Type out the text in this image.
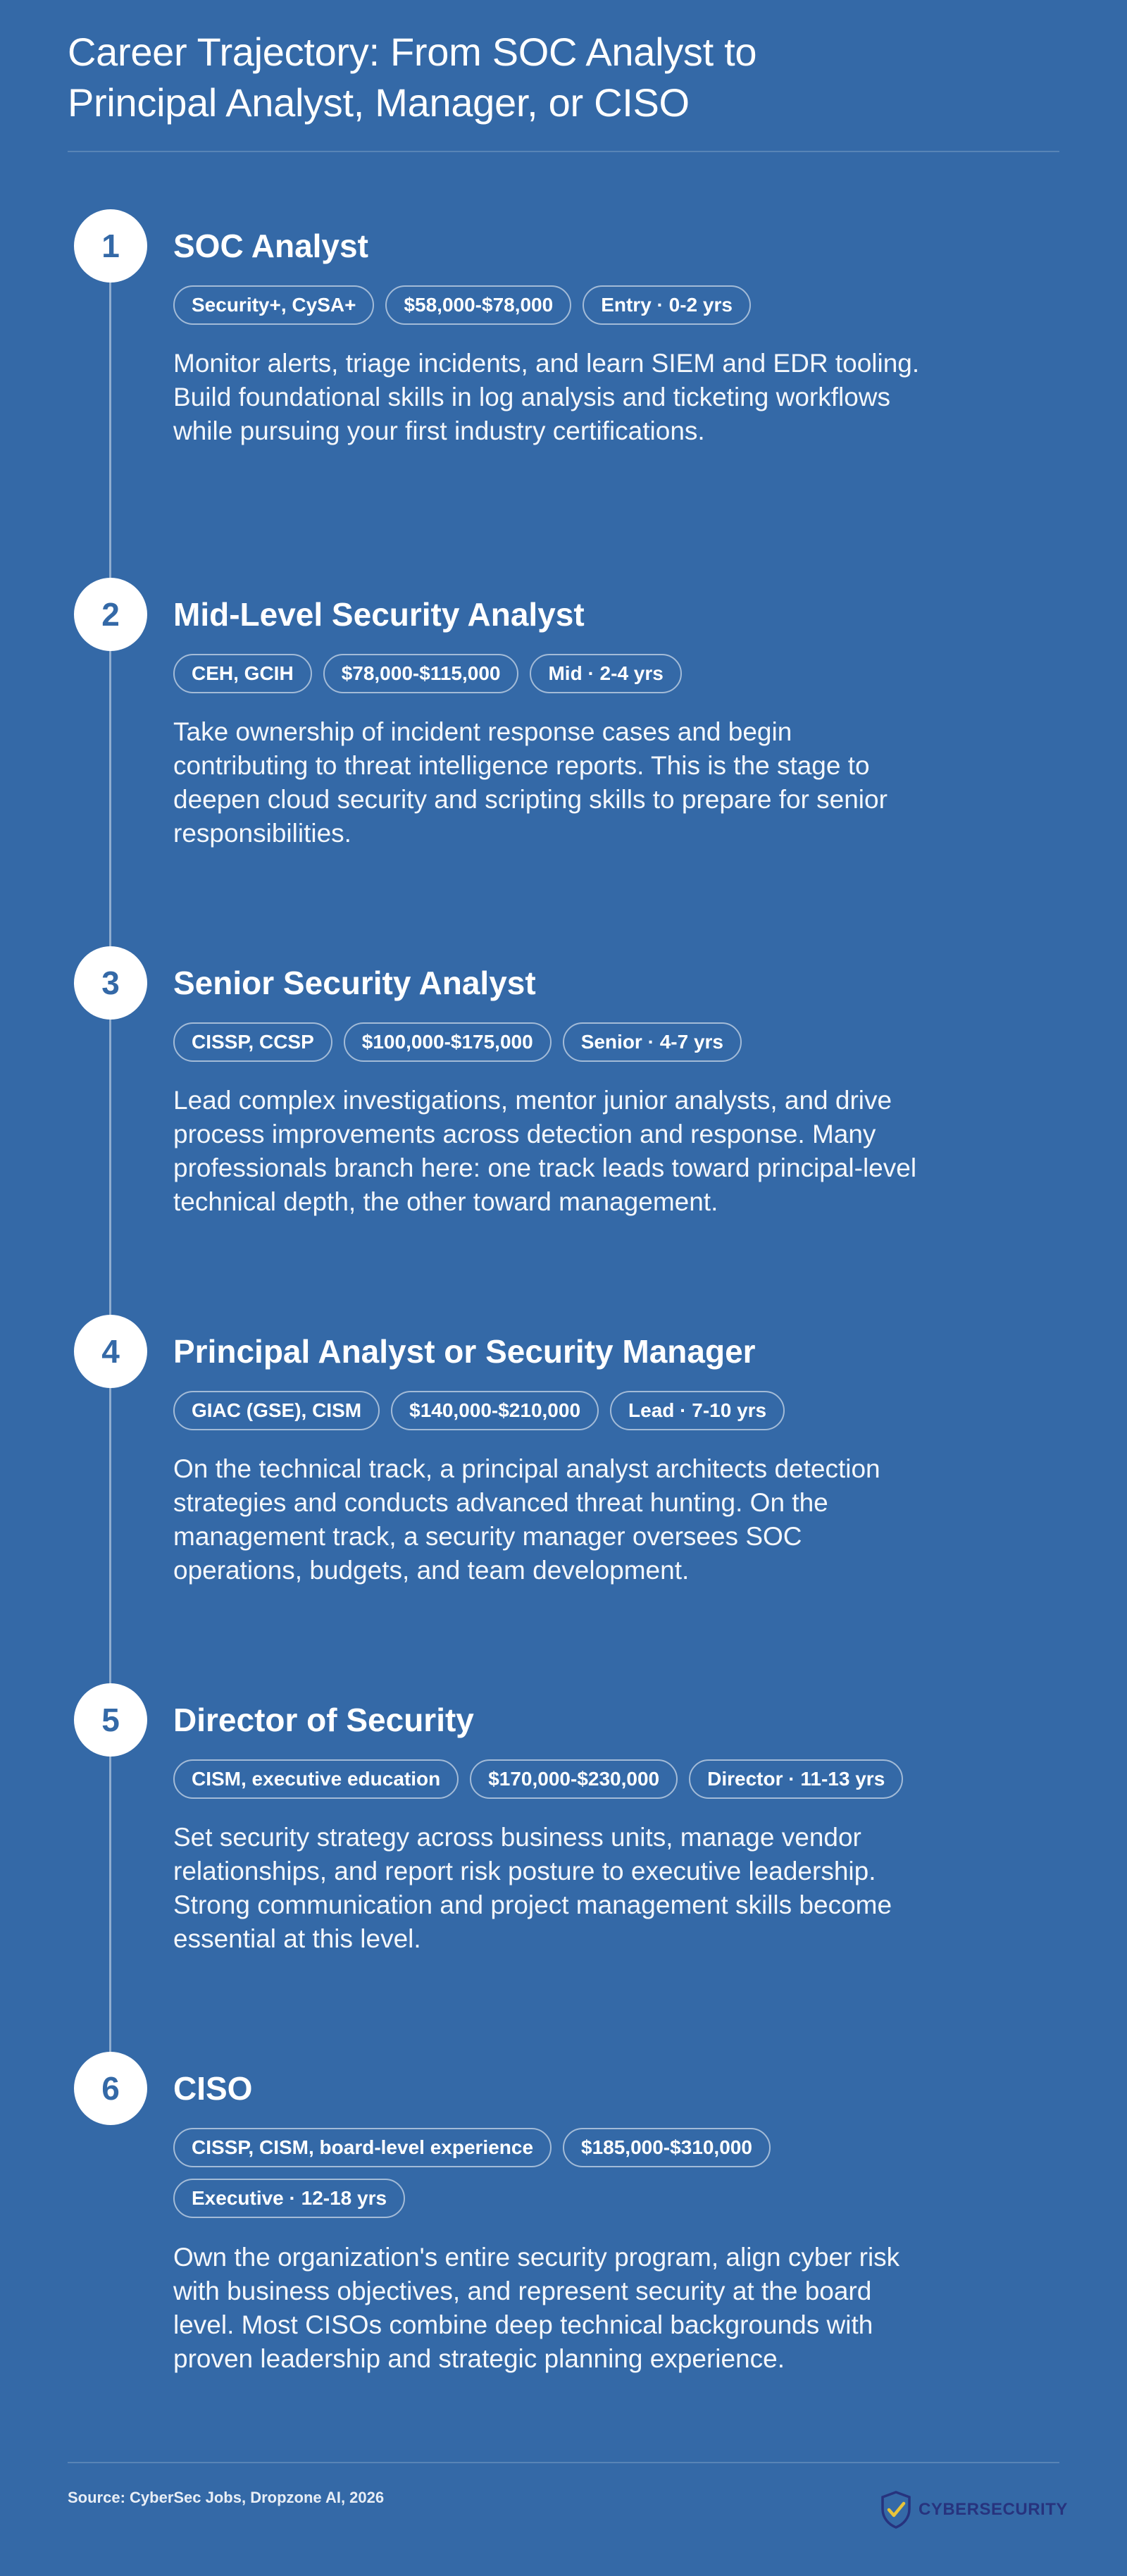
Career Trajectory: From SOC Analyst to Principal Analyst, Manager, or CISO
1	SOC Analyst
Security+, CySA+	$58,000-$78,000	Entry · 0-2 yrs

Monitor alerts, triage incidents, and learn SIEM and EDR tooling. Build foundational skills in log analysis and ticketing workflows while pursuing your first industry certifications.

2	Mid-Level Security Analyst
CEH, GCIH	$78,000-$115,000	Mid · 2-4 yrs

Take ownership of incident response cases and begin contributing to threat intelligence reports. This is the stage to deepen cloud security and scripting skills to prepare for senior responsibilities.

3	Senior Security Analyst
CISSP, CCSP	$100,000-$175,000	Senior · 4-7 yrs

Lead complex investigations, mentor junior analysts, and drive process improvements across detection and response. Many professionals branch here: one track leads toward principal-level technical depth, the other toward management.

4	Principal Analyst or Security Manager
GIAC (GSE), CISM	$140,000-$210,000	Lead · 7-10 yrs

On the technical track, a principal analyst architects detection strategies and conducts advanced threat hunting. On the management track, a security manager oversees SOC operations, budgets, and team development.

5	Director of Security
CISM, executive education	$170,000-$230,000	Director · 11-13 yrs

Set security strategy across business units, manage vendor relationships, and report risk posture to executive leadership. Strong communication and project management skills become essential at this level.

6	CISO
CISSP, CISM, board-level experience	$185,000-$310,000
Executive · 12-18 yrs

Own the organization's entire security program, align cyber risk with business objectives, and represent security at the board level. Most CISOs combine deep technical backgrounds with proven leadership and strategic planning experience.

Source: CyberSec Jobs, Dropzone AI, 2026
CYBERSECURITY
